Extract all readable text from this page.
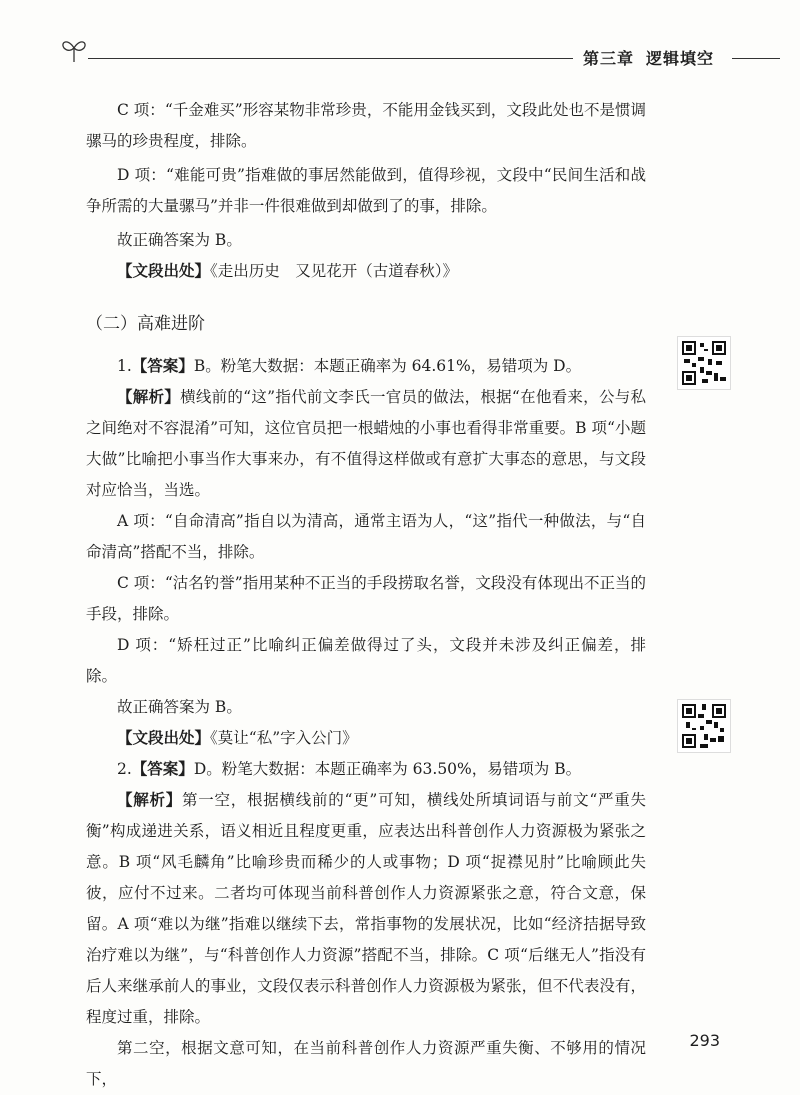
第三章 逻辑填空

C 项：“千金难买”形容某物非常珍贵，不能用金钱买到，文段此处也不是惯调骡马的珍贵程度，排除。

D 项：“难能可贵”指难做的事居然能做到，值得珍视，文段中“民间生活和战争所需的大量骡马”并非一件很难做到却做到了的事，排除。

故正确答案为 B。

【文段出处】《走出历史　又见花开（古道春秋）》

（二）高难进阶

1.【答案】B。粉笔大数据：本题正确率为 64.61%，易错项为 D。

【解析】横线前的“这”指代前文李氏一官员的做法，根据“在他看来，公与私之间绝对不容混淆”可知，这位官员把一根蜡烛的小事也看得非常重要。B 项“小题大做”比喻把小事当作大事来办，有不值得这样做或有意扩大事态的意思，与文段对应恰当，当选。

A 项：“自命清高”指自以为清高，通常主语为人，“这”指代一种做法，与“自命清高”搭配不当，排除。

C 项：“沽名钓誉”指用某种不正当的手段捞取名誉，文段没有体现出不正当的手段，排除。

D 项：“矫枉过正”比喻纠正偏差做得过了头，文段并未涉及纠正偏差，排除。

故正确答案为 B。

【文段出处】《莫让“私”字入公门》

2.【答案】D。粉笔大数据：本题正确率为 63.50%，易错项为 B。

【解析】第一空，根据横线前的“更”可知，横线处所填词语与前文“严重失衡”构成递进关系，语义相近且程度更重，应表达出科普创作人力资源极为紧张之意。B 项“风毛麟角”比喻珍贵而稀少的人或事物；D 项“捉襟见肘”比喻顾此失彼，应付不过来。二者均可体现当前科普创作人力资源紧张之意，符合文意，保留。A 项“难以为继”指难以继续下去，常指事物的发展状况，比如“经济拮据导致治疗难以为继”，与“科普创作人力资源”搭配不当，排除。C 项“后继无人”指没有后人来继承前人的事业，文段仅表示科普创作人力资源极为紧张，但不代表没有，程度过重，排除。

第二空，根据文意可知，在当前科普创作人力资源严重失衡、不够用的情况下，

293
